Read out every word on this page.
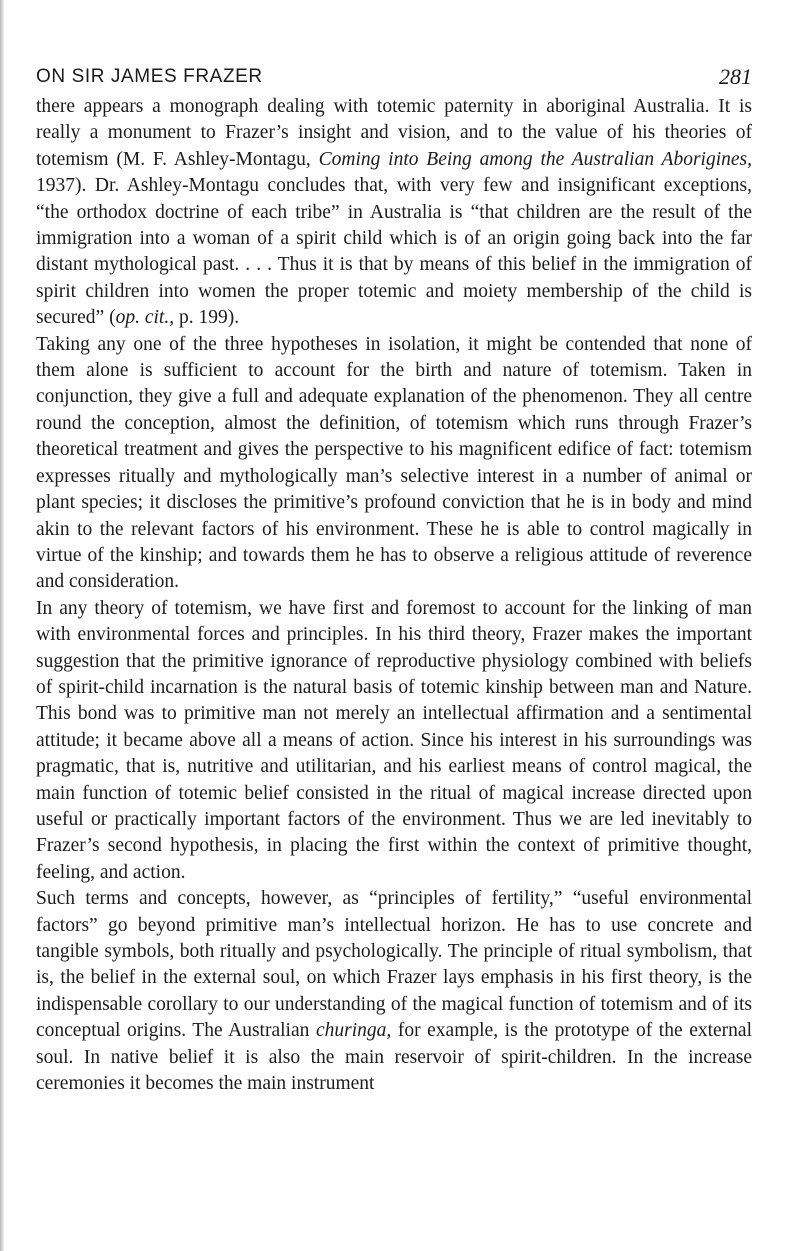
ON SIR JAMES FRAZER	281

there appears a monograph dealing with totemic paternity in aboriginal Australia. It is really a monument to Frazer’s insight and vision, and to the value of his theories of totemism (M. F. Ashley-Montagu, Coming into Being among the Australian Aborigines, 1937). Dr. Ashley-Montagu concludes that, with very few and insignificant exceptions, “the orthodox doctrine of each tribe” in Australia is “that children are the result of the immigration into a woman of a spirit child which is of an origin going back into the far distant mythological past. . . . Thus it is that by means of this belief in the immigration of spirit children into women the proper totemic and moiety membership of the child is secured” (op. cit., p. 199).

Taking any one of the three hypotheses in isolation, it might be contended that none of them alone is sufficient to account for the birth and nature of totemism. Taken in conjunction, they give a full and adequate explanation of the phenomenon. They all centre round the conception, almost the definition, of totemism which runs through Frazer’s theoretical treatment and gives the perspective to his magnificent edifice of fact: totemism expresses ritually and mythologically man’s selective interest in a number of animal or plant species; it discloses the primitive’s profound conviction that he is in body and mind akin to the relevant factors of his environment. These he is able to control magically in virtue of the kinship; and towards them he has to observe a religious attitude of reverence and consideration.

In any theory of totemism, we have first and foremost to account for the linking of man with environmental forces and principles. In his third theory, Frazer makes the important suggestion that the primitive ignorance of reproductive physiology combined with beliefs of spirit-child incarnation is the natural basis of totemic kinship between man and Nature. This bond was to primitive man not merely an intellectual affirmation and a sentimental attitude; it became above all a means of action. Since his interest in his surroundings was pragmatic, that is, nutritive and utilitarian, and his earliest means of control magical, the main function of totemic belief consisted in the ritual of magical increase directed upon useful or practically important factors of the environment. Thus we are led inevitably to Frazer’s second hypothesis, in placing the first within the context of primitive thought, feeling, and action.

Such terms and concepts, however, as “principles of fertility,” “useful environmental factors” go beyond primitive man’s intellectual horizon. He has to use concrete and tangible symbols, both ritually and psychologically. The principle of ritual symbolism, that is, the belief in the external soul, on which Frazer lays emphasis in his first theory, is the indispensable corollary to our understanding of the magical function of totemism and of its conceptual origins. The Australian churinga, for example, is the prototype of the external soul. In native belief it is also the main reservoir of spirit-children. In the increase ceremonies it becomes the main instrument
